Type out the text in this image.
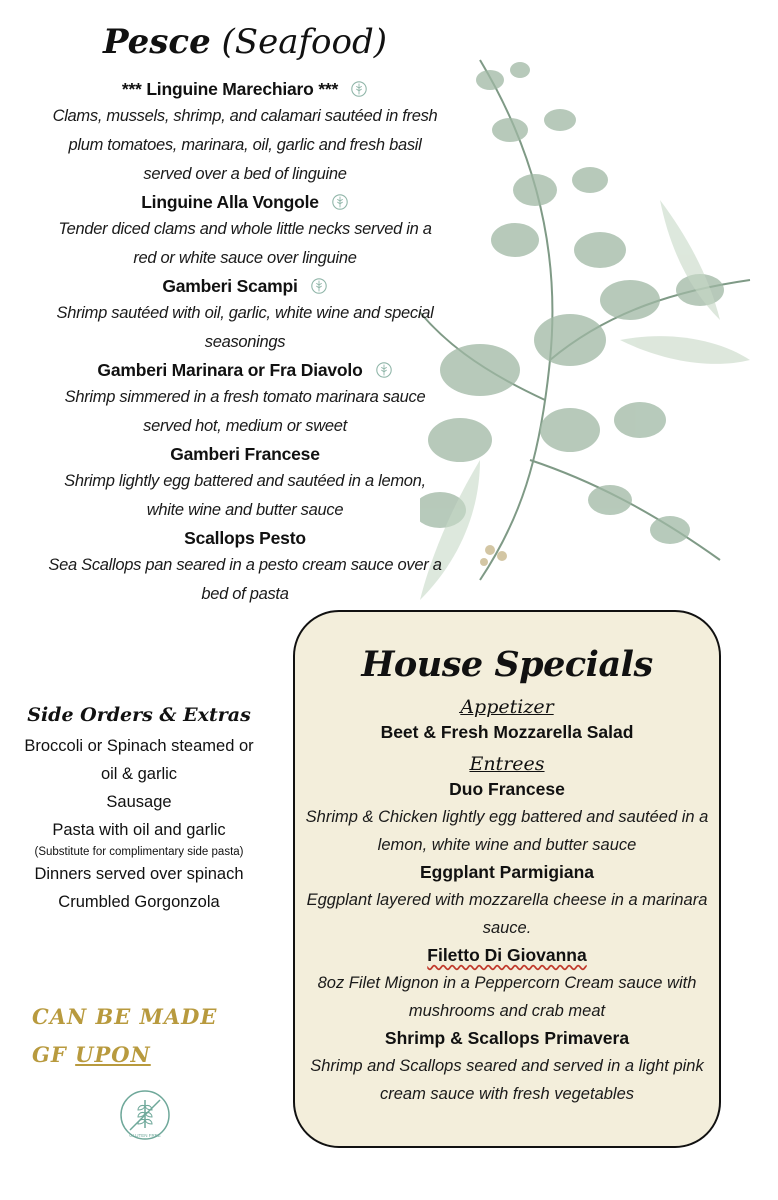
Pesce (Seafood)
*** Linguine Marechiaro ***
Clams, mussels, shrimp, and calamari sautéed in fresh
plum tomatoes, marinara, oil, garlic and fresh basil
served over a bed of linguine
Linguine Alla Vongole
Tender diced clams and whole little necks served in a
red or white sauce over linguine
Gamberi Scampi
Shrimp sautéed with oil, garlic, white wine and special
seasonings
Gamberi Marinara or Fra Diavolo
Shrimp simmered in a fresh tomato marinara sauce
served hot, medium or sweet
Gamberi Francese
Shrimp lightly egg battered and sautéed in a lemon,
white wine and butter sauce
Scallops Pesto
Sea Scallops pan seared in a pesto cream sauce over a
bed of pasta
Side Orders & Extras
Broccoli or Spinach steamed or
oil & garlic
Sausage
Pasta with oil and garlic
(Substitute for complimentary side pasta)
Dinners served over spinach
Crumbled Gorgonzola
CAN BE MADE
GF UPON
GLUTEN FREE
House Specials
Appetizer
Beet & Fresh Mozzarella Salad
Entrees
Duo Francese
Shrimp & Chicken lightly egg battered and sautéed in a
lemon, white wine and butter sauce
Eggplant Parmigiana
Eggplant layered with mozzarella cheese in a marinara
sauce.
Filetto Di Giovanna
8oz Filet Mignon in a Peppercorn Cream sauce with
mushrooms and crab meat
Shrimp & Scallops Primavera
Shrimp and Scallops seared and served in a light pink
cream sauce with fresh vegetables
